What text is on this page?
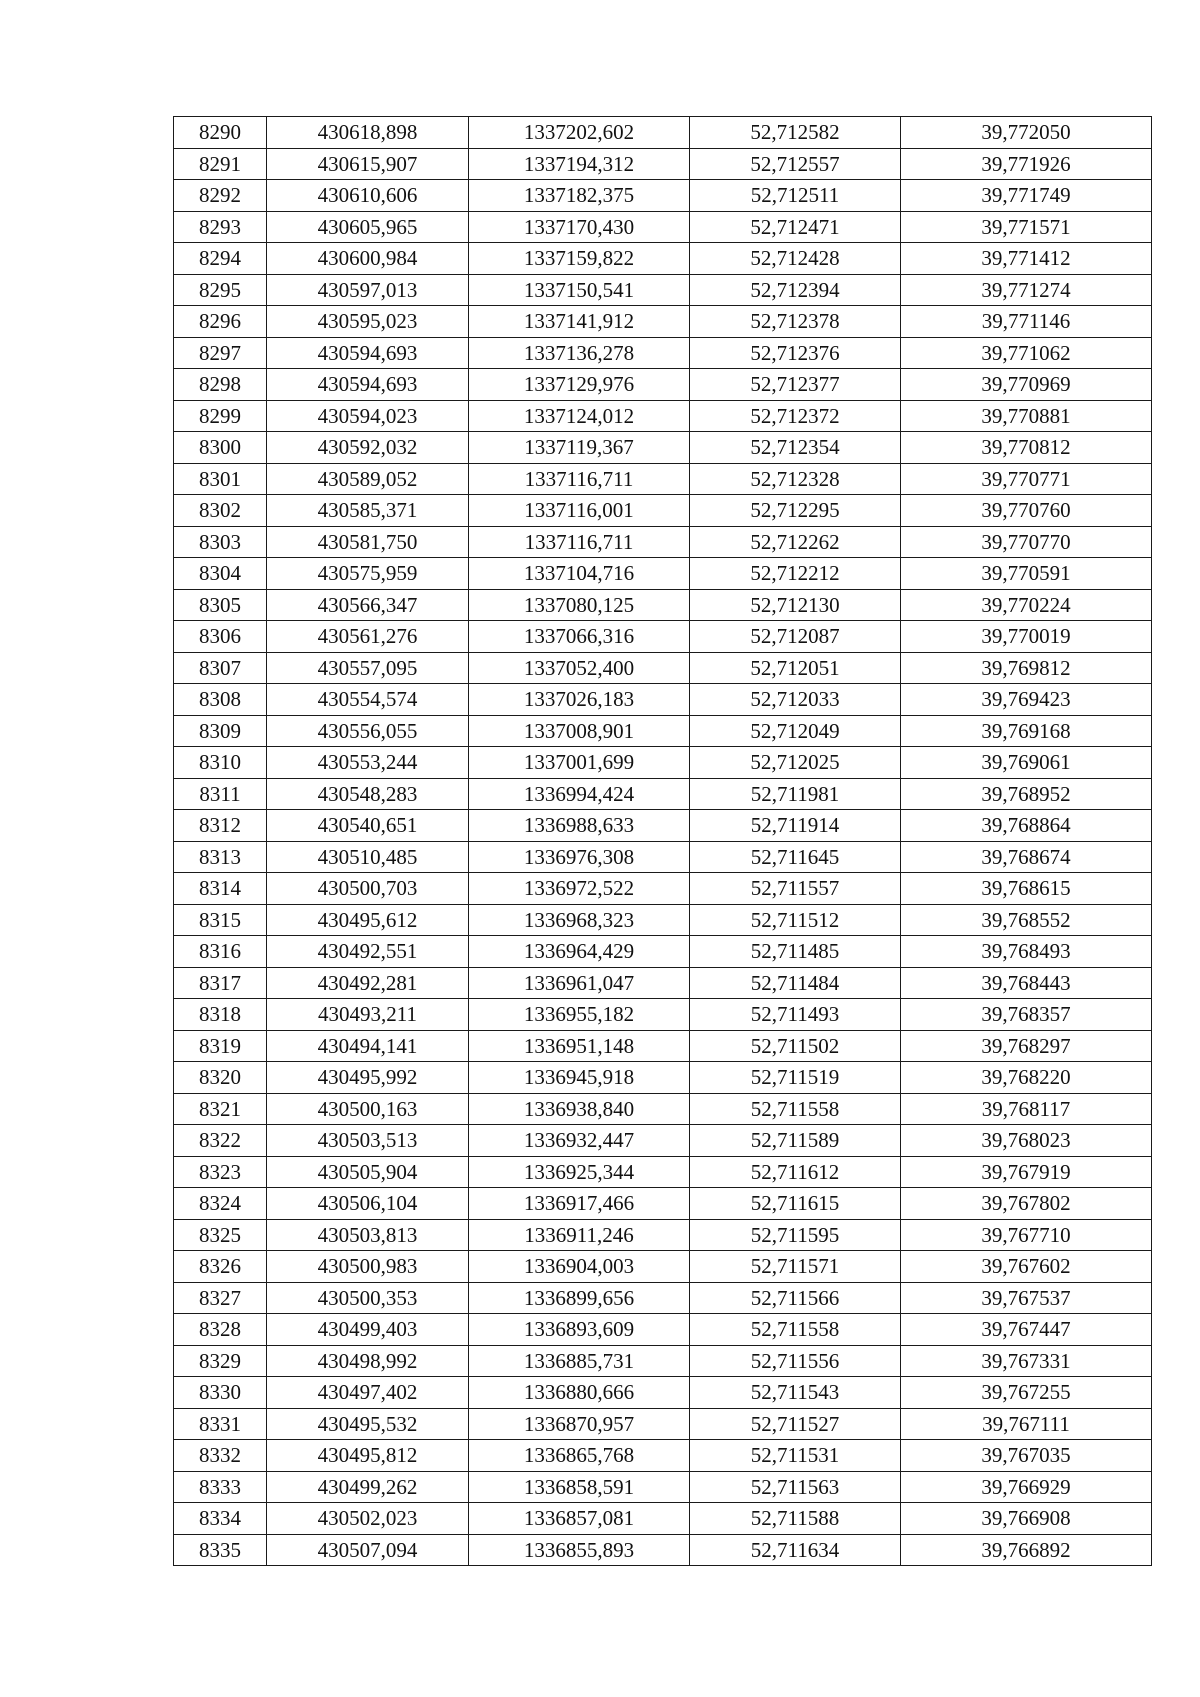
8290	430618,898	1337202,602	52,712582	39,772050
8291	430615,907	1337194,312	52,712557	39,771926
8292	430610,606	1337182,375	52,712511	39,771749
8293	430605,965	1337170,430	52,712471	39,771571
8294	430600,984	1337159,822	52,712428	39,771412
8295	430597,013	1337150,541	52,712394	39,771274
8296	430595,023	1337141,912	52,712378	39,771146
8297	430594,693	1337136,278	52,712376	39,771062
8298	430594,693	1337129,976	52,712377	39,770969
8299	430594,023	1337124,012	52,712372	39,770881
8300	430592,032	1337119,367	52,712354	39,770812
8301	430589,052	1337116,711	52,712328	39,770771
8302	430585,371	1337116,001	52,712295	39,770760
8303	430581,750	1337116,711	52,712262	39,770770
8304	430575,959	1337104,716	52,712212	39,770591
8305	430566,347	1337080,125	52,712130	39,770224
8306	430561,276	1337066,316	52,712087	39,770019
8307	430557,095	1337052,400	52,712051	39,769812
8308	430554,574	1337026,183	52,712033	39,769423
8309	430556,055	1337008,901	52,712049	39,769168
8310	430553,244	1337001,699	52,712025	39,769061
8311	430548,283	1336994,424	52,711981	39,768952
8312	430540,651	1336988,633	52,711914	39,768864
8313	430510,485	1336976,308	52,711645	39,768674
8314	430500,703	1336972,522	52,711557	39,768615
8315	430495,612	1336968,323	52,711512	39,768552
8316	430492,551	1336964,429	52,711485	39,768493
8317	430492,281	1336961,047	52,711484	39,768443
8318	430493,211	1336955,182	52,711493	39,768357
8319	430494,141	1336951,148	52,711502	39,768297
8320	430495,992	1336945,918	52,711519	39,768220
8321	430500,163	1336938,840	52,711558	39,768117
8322	430503,513	1336932,447	52,711589	39,768023
8323	430505,904	1336925,344	52,711612	39,767919
8324	430506,104	1336917,466	52,711615	39,767802
8325	430503,813	1336911,246	52,711595	39,767710
8326	430500,983	1336904,003	52,711571	39,767602
8327	430500,353	1336899,656	52,711566	39,767537
8328	430499,403	1336893,609	52,711558	39,767447
8329	430498,992	1336885,731	52,711556	39,767331
8330	430497,402	1336880,666	52,711543	39,767255
8331	430495,532	1336870,957	52,711527	39,767111
8332	430495,812	1336865,768	52,711531	39,767035
8333	430499,262	1336858,591	52,711563	39,766929
8334	430502,023	1336857,081	52,711588	39,766908
8335	430507,094	1336855,893	52,711634	39,766892
